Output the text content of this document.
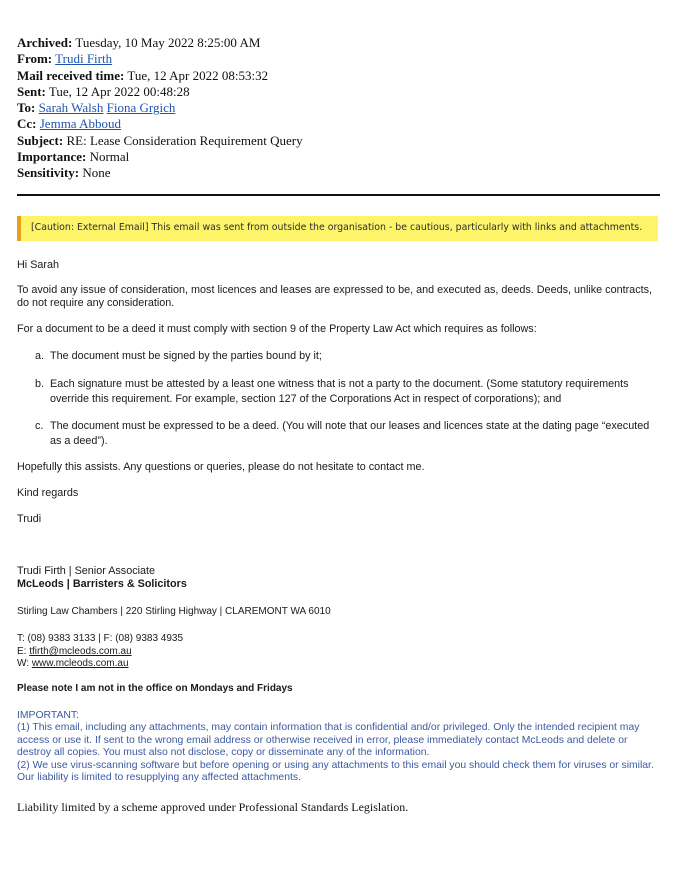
Archived: Tuesday, 10 May 2022 8:25:00 AM
From: Trudi Firth
Mail received time: Tue, 12 Apr 2022 08:53:32
Sent: Tue, 12 Apr 2022 00:48:28
To: Sarah Walsh Fiona Grgich
Cc: Jemma Abboud
Subject: RE: Lease Consideration Requirement Query
Importance: Normal
Sensitivity: None
[Caution: External Email] This email was sent from outside the organisation - be cautious, particularly with links and attachments.
Hi Sarah
To avoid any issue of consideration, most licences and leases are expressed to be, and executed as, deeds. Deeds, unlike contracts, do not require any consideration.
For a document to be a deed it must comply with section 9 of the Property Law Act which requires as follows:
a. The document must be signed by the parties bound by it;
b. Each signature must be attested by a least one witness that is not a party to the document. (Some statutory requirements override this requirement. For example, section 127 of the Corporations Act in respect of corporations); and
c. The document must be expressed to be a deed. (You will note that our leases and licences state at the dating page “executed as a deed”).
Hopefully this assists. Any questions or queries, please do not hesitate to contact me.
Kind regards
Trudi
Trudi Firth | Senior Associate
McLeods | Barristers & Solicitors
Stirling Law Chambers | 220 Stirling Highway | CLAREMONT WA 6010
T: (08) 9383 3133 | F: (08) 9383 4935
E: tfirth@mcleods.com.au
W: www.mcleods.com.au
Please note I am not in the office on Mondays and Fridays
IMPORTANT:
(1) This email, including any attachments, may contain information that is confidential and/or privileged. Only the intended recipient may access or use it. If sent to the wrong email address or otherwise received in error, please immediately contact McLeods and delete or destroy all copies. You must also not disclose, copy or disseminate any of the information.
(2) We use virus-scanning software but before opening or using any attachments to this email you should check them for viruses or similar. Our liability is limited to resupplying any affected attachments.
Liability limited by a scheme approved under Professional Standards Legislation.
